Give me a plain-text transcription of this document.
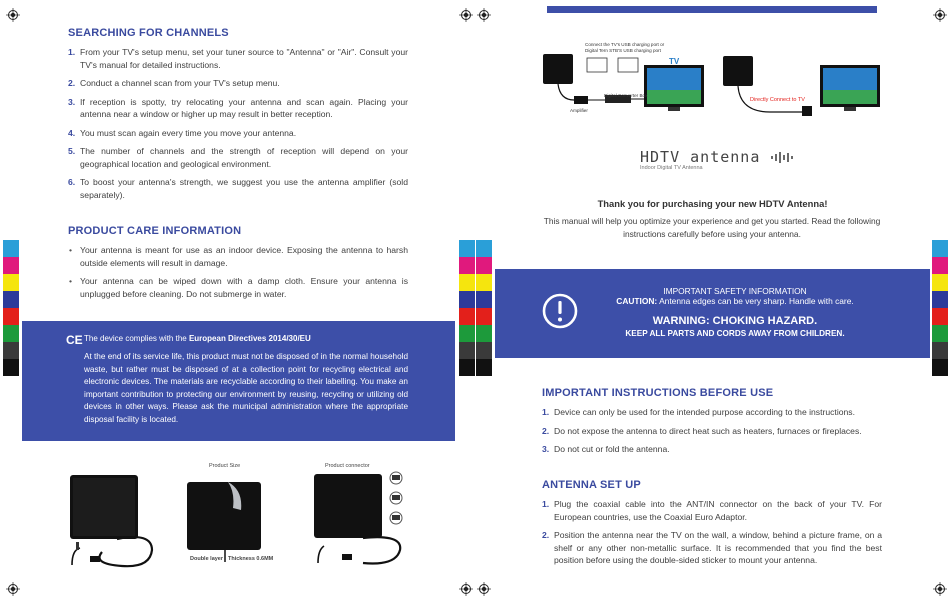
SEARCHING FOR CHANNELS
1. From your TV's setup menu, set your tuner source to "Antenna" or "Air". Consult your TV's manual for detailed instructions.
2. Conduct a channel scan from your TV's setup menu.
3. If reception is spotty, try relocating your antenna and scan again. Placing your antenna near a window or higher up may result in better reception.
4. You must scan again every time you move your antenna.
5. The number of channels and the strength of reception will depend on your geographical location and geological environment.
6. To boost your antenna's strength, we suggest you use the antenna amplifier (sold separately).
PRODUCT CARE INFORMATION
• Your antenna is meant for use as an indoor device. Exposing the antenna to harsh outside elements will result in damage.
• Your antenna can be wiped down with a damp cloth. Ensure your antenna is unplugged before cleaning. Do not submerge in water.
CE The device complies with the European Directives 2014/30/EU
At the end of its service life, this product must not be disposed of in the normal household waste, but rather must be disposed of at a collection point for recycling electrical and electronic devices. The materials are recyclable according to their labelling. You make an important contribution to protecting our environment by reusing, recycling or utilizing old devices in other ways. Please ask the municipal administration where the appropriate disposal facility is located.
Product Size	Product connector
Double layer Thickness 0.6MM
Connect the TV's USB charging port or Digital Tern STB'S USB charging port
TV
Amplifier
Digital Converter Box
Directly Connect to TV
HDTV antenna
Indoor Digital TV Antenna
Thank you for purchasing your new HDTV Antenna!
This manual will help you optimize your experience and get you started. Read the following instructions carefully before using your antenna.
IMPORTANT SAFETY INFORMATION
CAUTION: Antenna edges can be very sharp. Handle with care.
WARNING: CHOKING HAZARD.
KEEP ALL PARTS AND CORDS AWAY FROM CHILDREN.
IMPORTANT INSTRUCTIONS BEFORE USE
1. Device can only be used for the intended purpose according to the instructions.
2. Do not expose the antenna to direct heat such as heaters, furnaces or fireplaces.
3. Do not cut or fold the antenna.
ANTENNA SET UP
1. Plug the coaxial cable into the ANT/IN connector on the back of your TV. For European countries, use the Coaxial Euro Adaptor.
2. Position the antenna near the TV on the wall, a window, behind a picture frame, on a shelf or any other non-metallic surface. It is recommended that you find the best position before using the double-sided sticker to mount your antenna.
